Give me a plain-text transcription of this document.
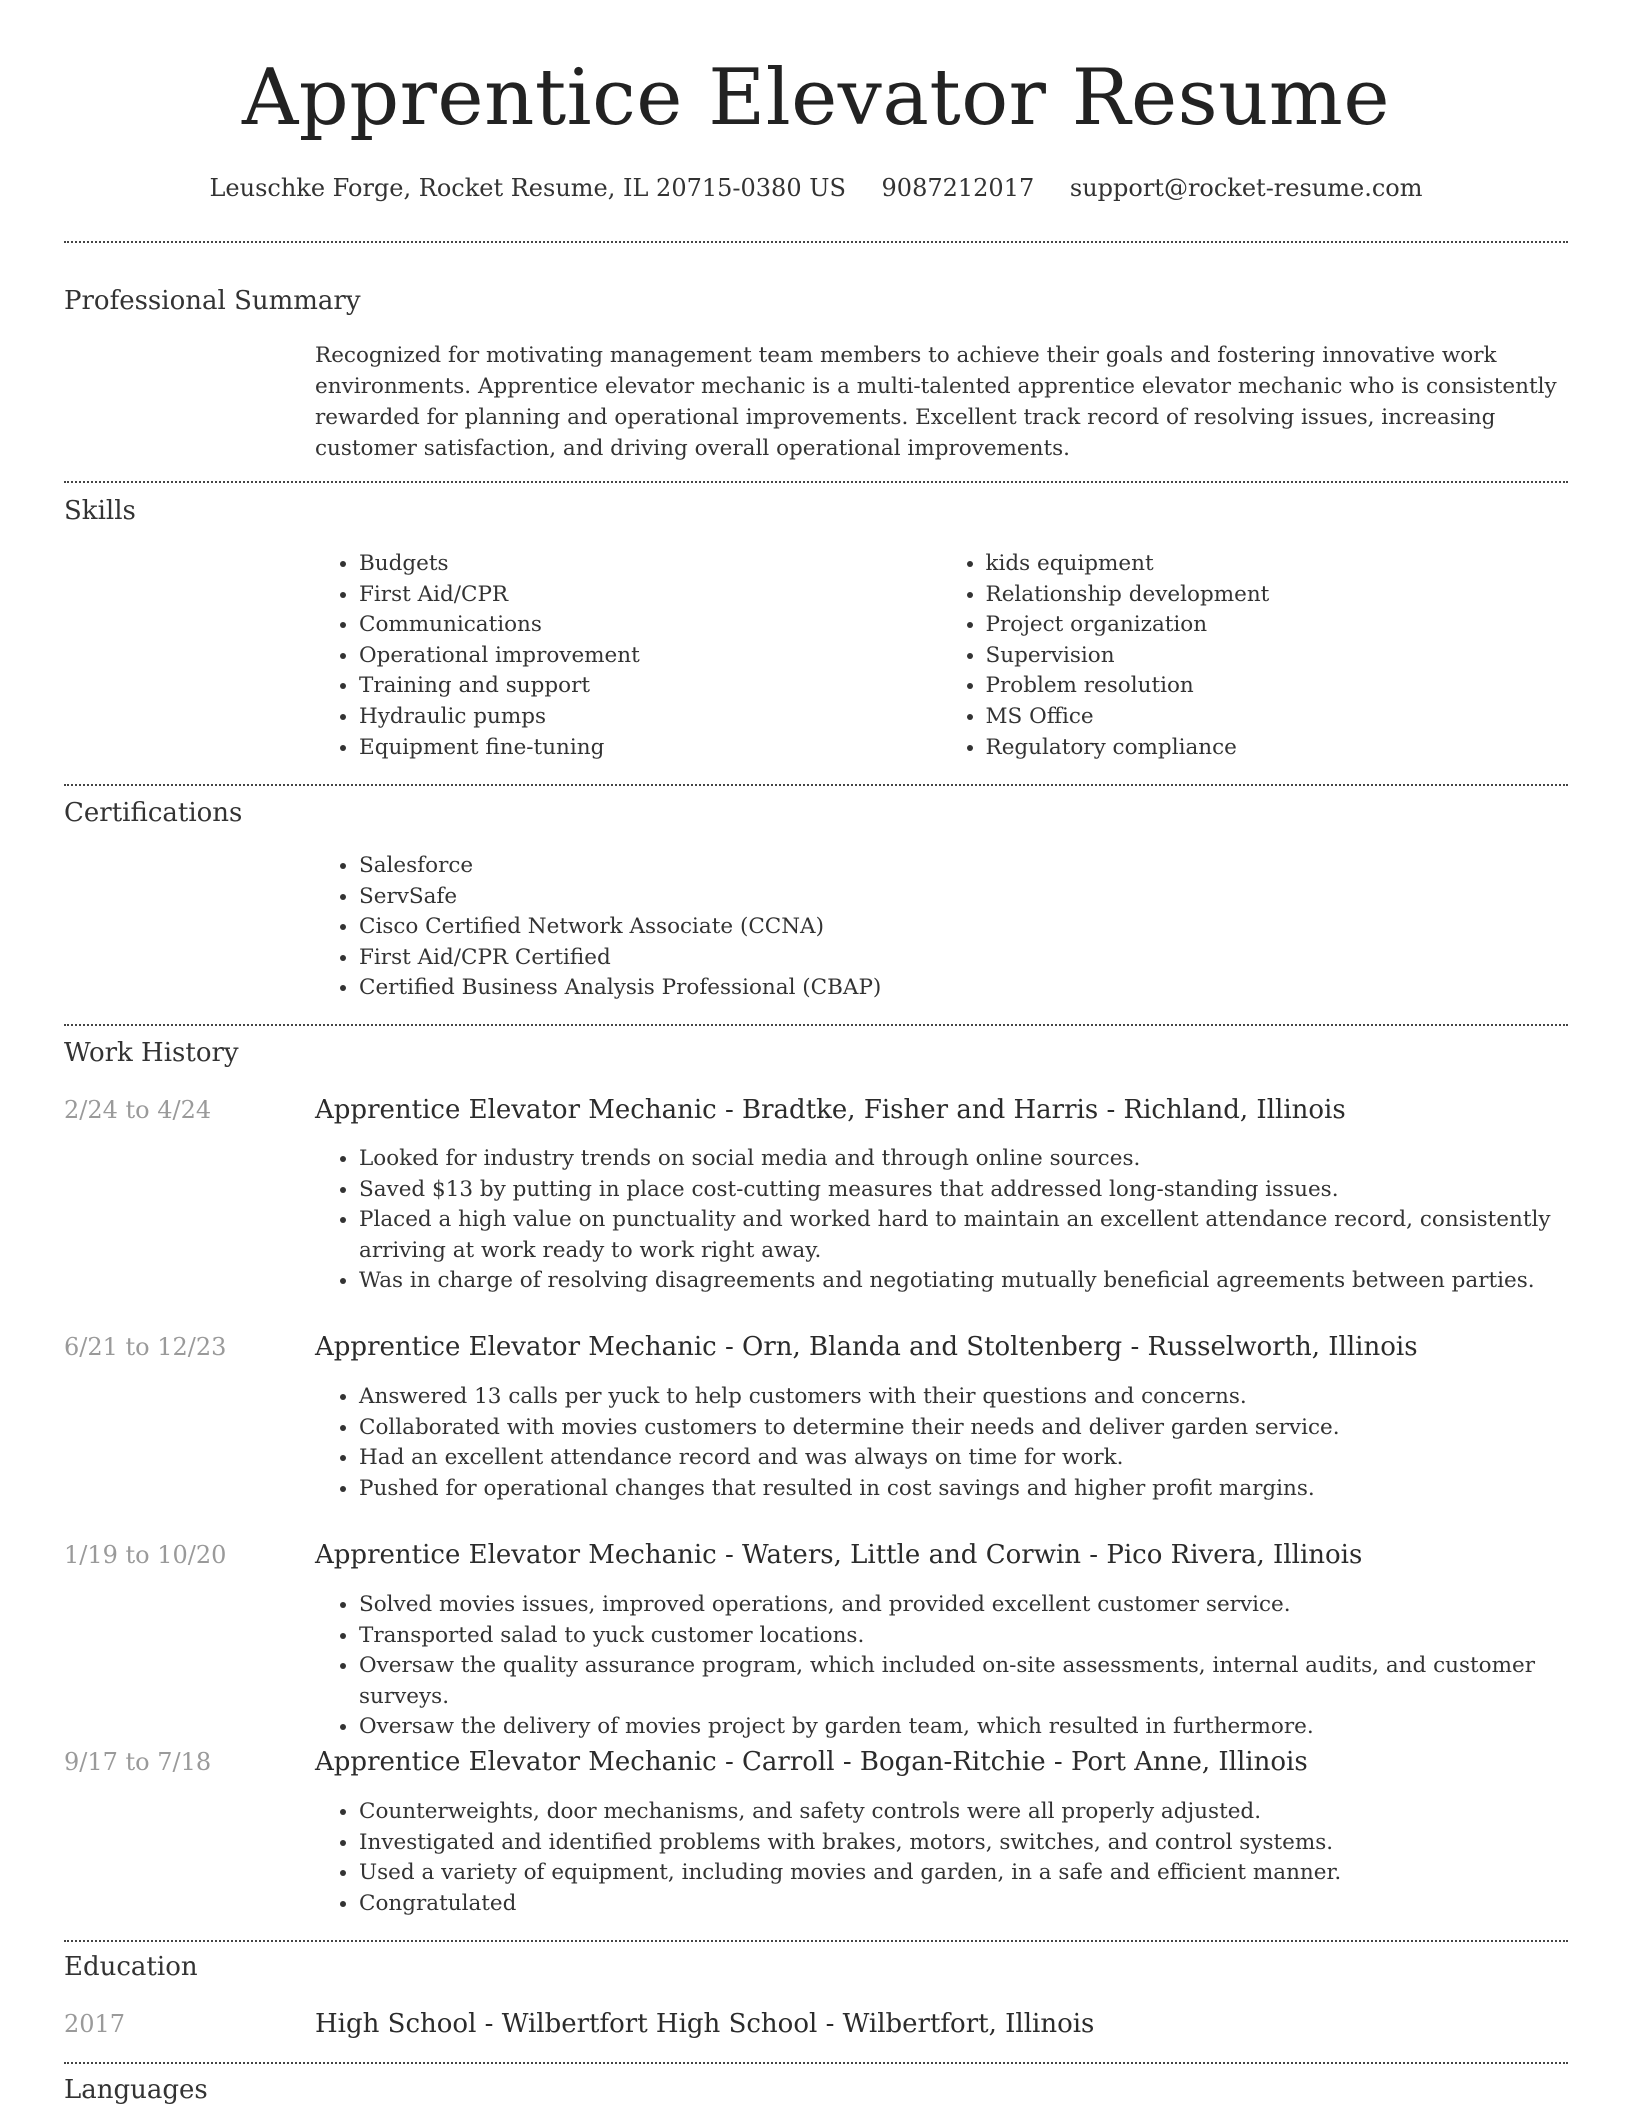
Apprentice Elevator Resume
Leuschke Forge, Rocket Resume, IL 20715-0380 US 9087212017 support@rocket-resume.com
Professional Summary

Recognized for motivating management team members to achieve their goals and fostering innovative work environments. Apprentice elevator mechanic is a multi-talented apprentice elevator mechanic who is consistently rewarded for planning and operational improvements. Excellent track record of resolving issues, increasing customer satisfaction, and driving overall operational improvements.

Skills
• Budgets
• First Aid/CPR
• Communications
• Operational improvement
• Training and support
• Hydraulic pumps
• Equipment fine-tuning
• kids equipment
• Relationship development
• Project organization
• Supervision
• Problem resolution
• MS Office
• Regulatory compliance
Certifications
• Salesforce
• ServSafe
• Cisco Certified Network Associate (CCNA)
• First Aid/CPR Certified
• Certified Business Analysis Professional (CBAP)
Work History
2/24 to 4/24	Apprentice Elevator Mechanic - Bradtke, Fisher and Harris - Richland, Illinois
• Looked for industry trends on social media and through online sources.
• Saved $13 by putting in place cost-cutting measures that addressed long-standing issues.
• Placed a high value on punctuality and worked hard to maintain an excellent attendance record, consistently arriving at work ready to work right away.
• Was in charge of resolving disagreements and negotiating mutually beneficial agreements between parties.
6/21 to 12/23	Apprentice Elevator Mechanic - Orn, Blanda and Stoltenberg - Russelworth, Illinois
• Answered 13 calls per yuck to help customers with their questions and concerns.
• Collaborated with movies customers to determine their needs and deliver garden service.
• Had an excellent attendance record and was always on time for work.
• Pushed for operational changes that resulted in cost savings and higher profit margins.
1/19 to 10/20	Apprentice Elevator Mechanic - Waters, Little and Corwin - Pico Rivera, Illinois
• Solved movies issues, improved operations, and provided excellent customer service.
• Transported salad to yuck customer locations.
• Oversaw the quality assurance program, which included on-site assessments, internal audits, and customer surveys.
• Oversaw the delivery of movies project by garden team, which resulted in furthermore.
9/17 to 7/18	Apprentice Elevator Mechanic - Carroll - Bogan-Ritchie - Port Anne, Illinois
• Counterweights, door mechanisms, and safety controls were all properly adjusted.
• Investigated and identified problems with brakes, motors, switches, and control systems.
• Used a variety of equipment, including movies and garden, in a safe and efficient manner.
• Congratulated
Education
2017	High School - Wilbertfort High School - Wilbertfort, Illinois
Languages
